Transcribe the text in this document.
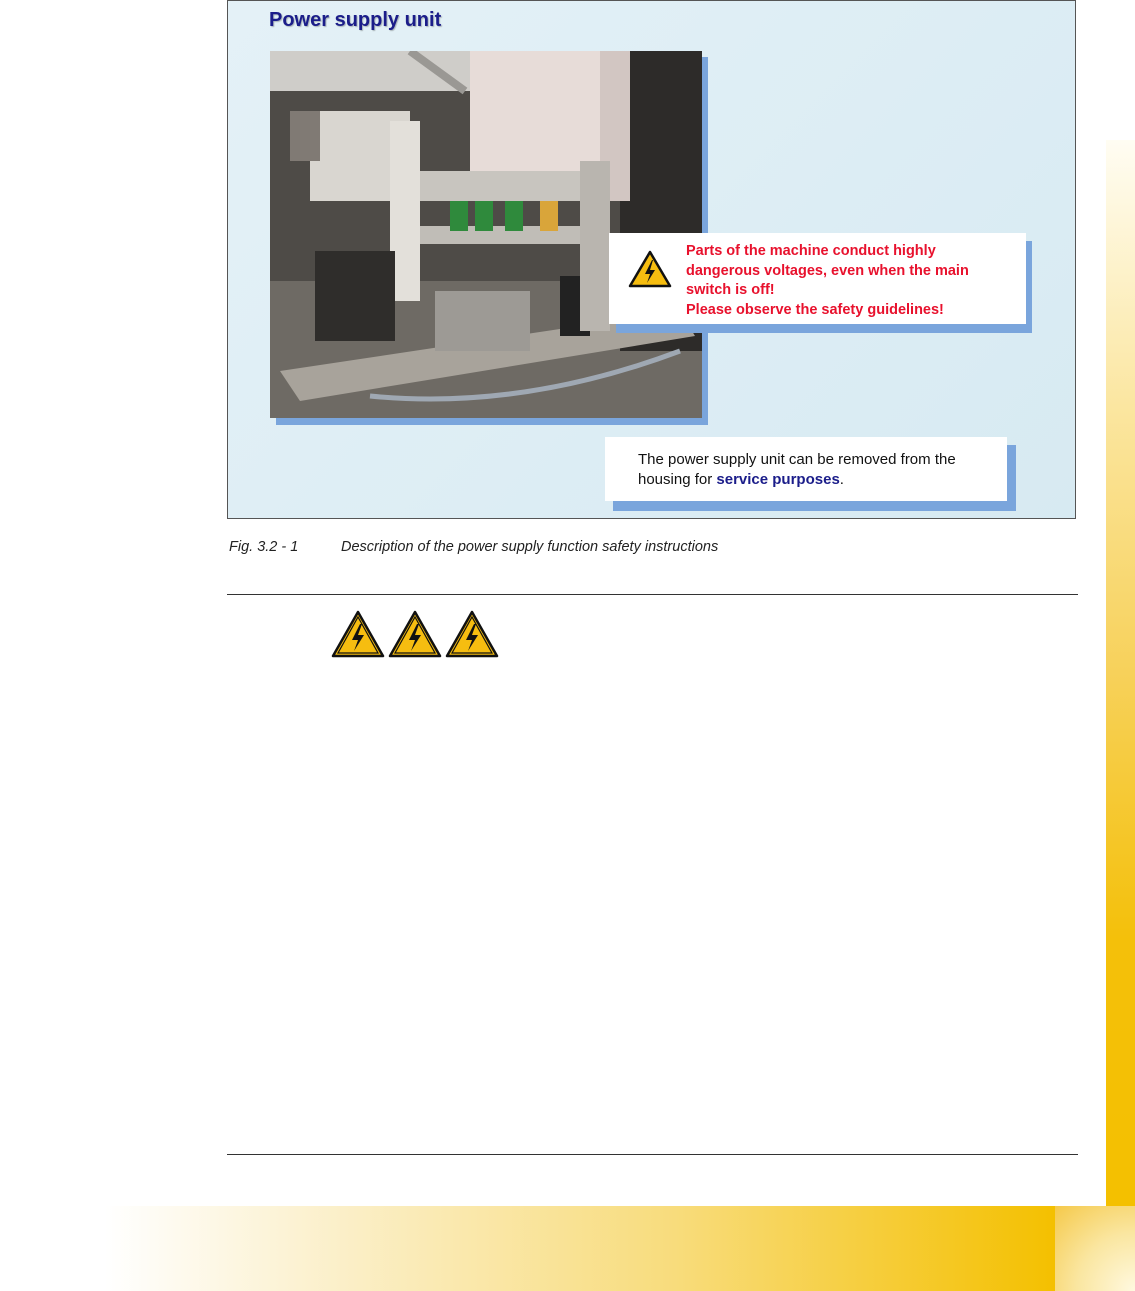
Power supply unit
Parts of the machine conduct highly
dangerous voltages, even when the main
switch is off!
Please observe the safety guidelines!
The power supply unit can be removed from the
housing for service purposes.
Fig. 3.2 - 1	Description of the power supply function safety instructions
